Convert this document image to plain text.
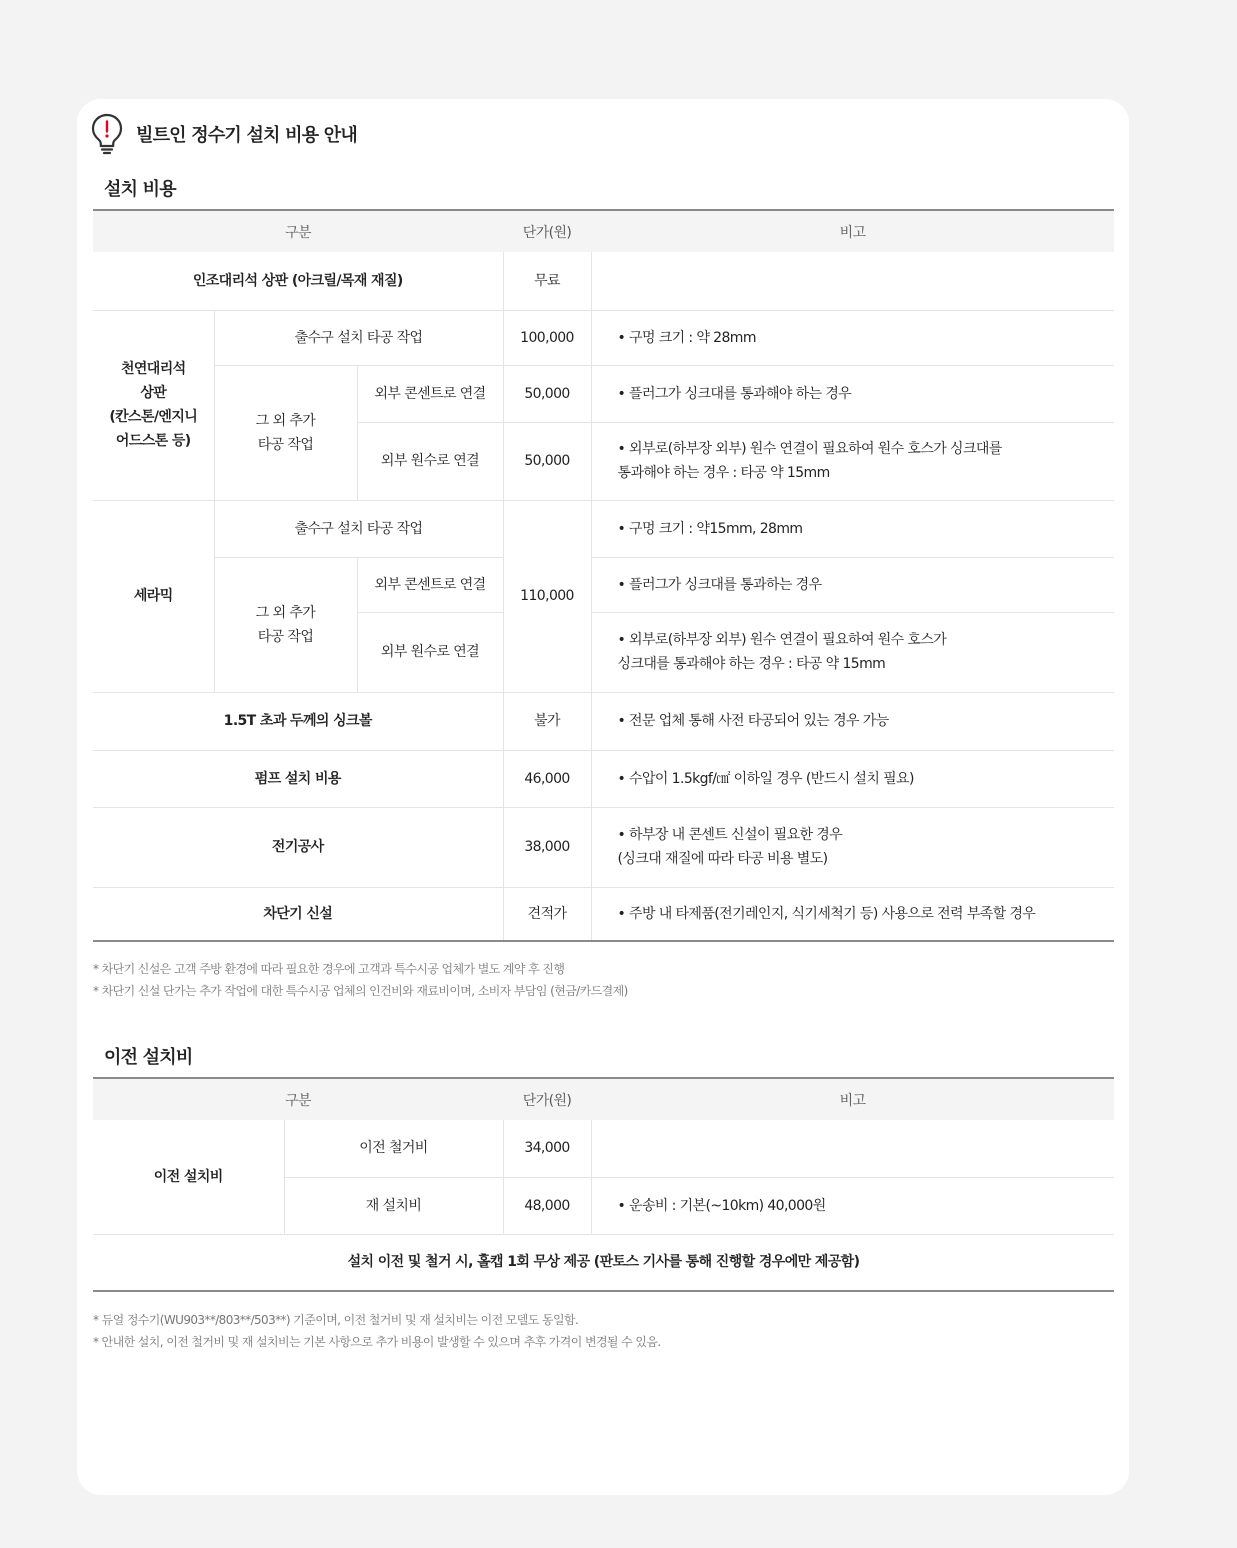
빌트인 정수기 설치 비용 안내
설치 비용
구분			단가(원)	비고
인조대리석 상판 (아크릴/목재 재질)			무료	

천연대리석
상판
(칸스톤/엔지니
어드스톤 등)	출수구 설치 타공 작업		100,000	• 구멍 크기 : 약 28mm

	그 외 추가
타공 작업	외부 콘센트로 연결	50,000	• 플러그가 싱크대를 통과해야 하는 경우
		외부 원수로 연결	50,000	• 외부로(하부장 외부) 원수 연결이 필요하여 원수 호스가 싱크대를
통과해야 하는 경우 : 타공 약 15mm

세라믹	출수구 설치 타공 작업		110,000	• 구멍 크기 : 약15mm, 28mm

	그 외 추가
타공 작업	외부 콘센트로 연결		• 플러그가 싱크대를 통과하는 경우
		외부 원수로 연결		• 외부로(하부장 외부) 원수 연결이 필요하여 원수 호스가
싱크대를 통과해야 하는 경우 : 타공 약 15mm

1.5T 초과 두께의 싱크볼			불가	• 전문 업체 통해 사전 타공되어 있는 경우 가능
펌프 설치 비용			46,000	• 수압이 1.5kgf/㎠ 이하일 경우 (반드시 설치 필요)
전기공사			38,000	• 하부장 내 콘센트 신설이 필요한 경우
(싱크대 재질에 따라 타공 비용 별도)

차단기 신설			견적가	• 주방 내 타제품(전기레인지, 식기세척기 등) 사용으로 전력 부족할 경우
* 차단기 신설은 고객 주방 환경에 따라 필요한 경우에 고객과 특수시공 업체가 별도 계약 후 진행
* 차단기 신설 단가는 추가 작업에 대한 특수시공 업체의 인건비와 재료비이며, 소비자 부담임 (현금/카드결제)
이전 설치비
구분		단가(원)	비고
이전 설치비	이전 철거비	34,000	
	재 설치비	48,000	• 운송비 : 기본(~10km) 40,000원
설치 이전 및 철거 시, 홀캡 1회 무상 제공 (판토스 기사를 통해 진행할 경우에만 제공함)			
* 듀얼 정수기(WU903**/803**/503**) 기준이며, 이전 철거비 및 재 설치비는 이전 모델도 동일함.
* 안내한 설치, 이전 철거비 및 재 설치비는 기본 사항으로 추가 비용이 발생할 수 있으며 추후 가격이 변경될 수 있음.
